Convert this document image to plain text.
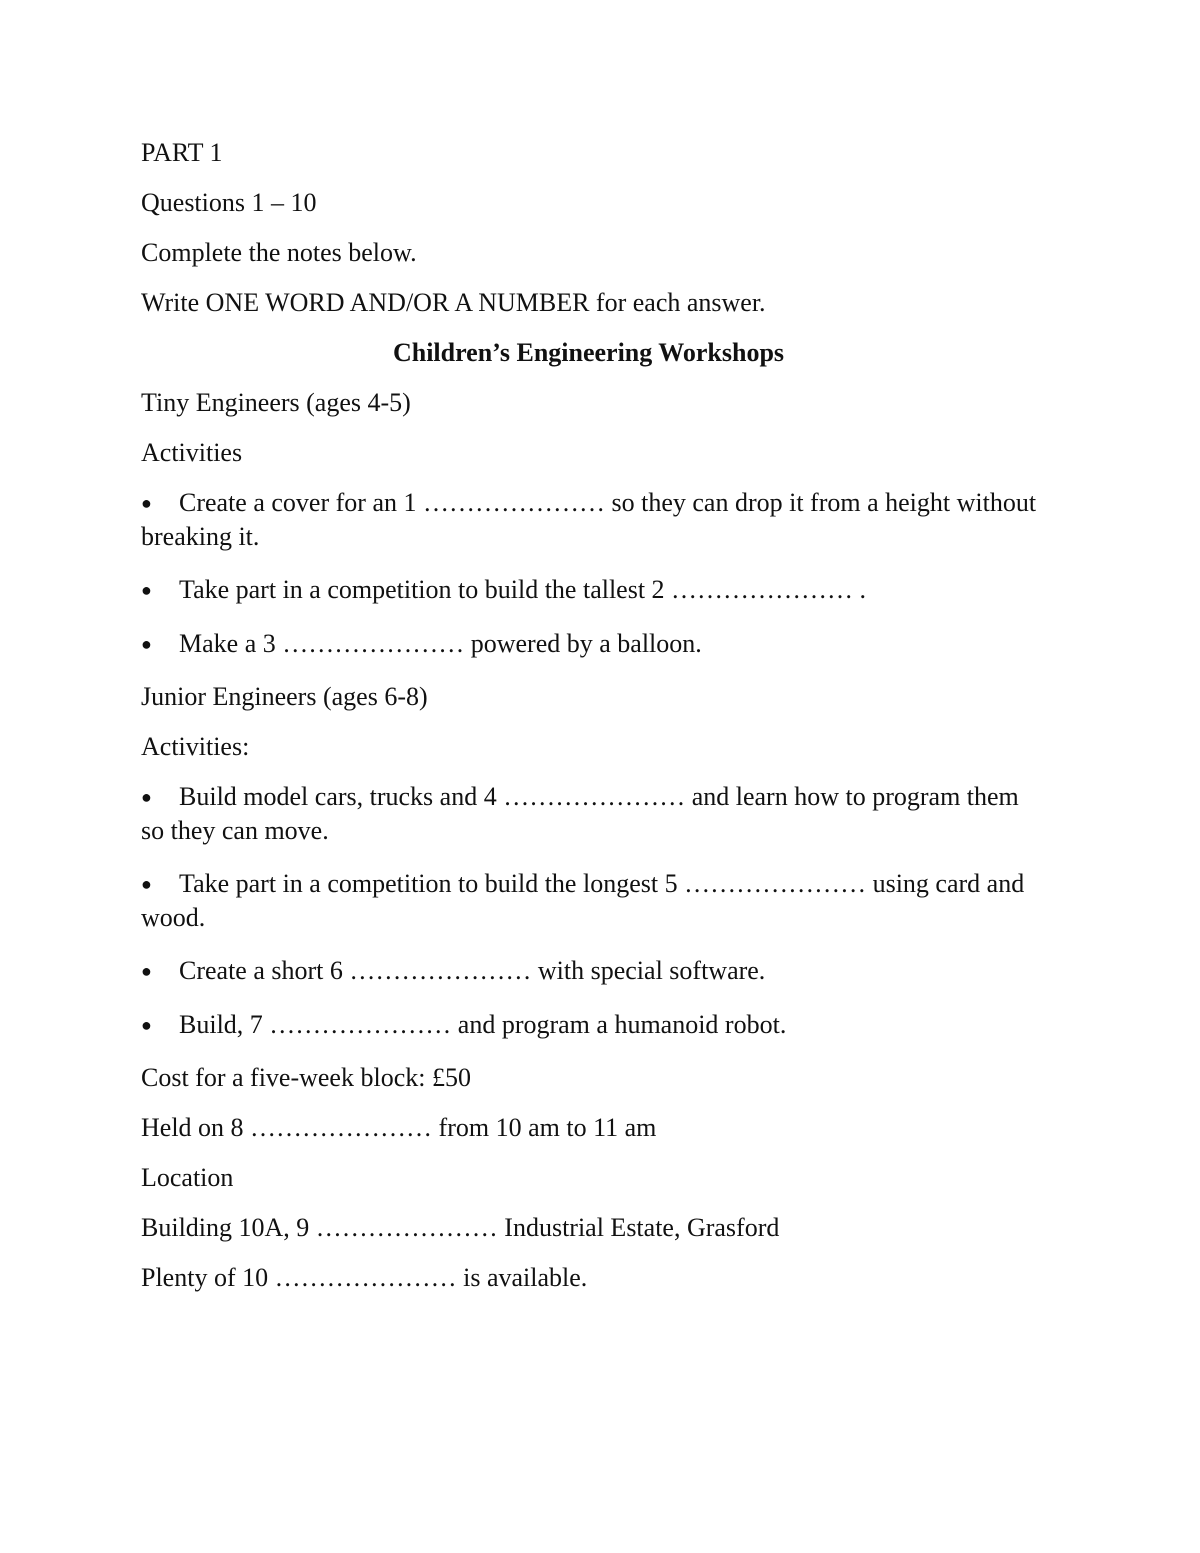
PART 1

Questions 1 – 10

Complete the notes below.

Write ONE WORD AND/OR A NUMBER for each answer.

Children’s Engineering Workshops

Tiny Engineers (ages 4-5)

Activities

● Create a cover for an 1 ………………… so they can drop it from a height without breaking it.
● Take part in a competition to build the tallest 2 ………………… .
● Make a 3 ………………… powered by a balloon.

Junior Engineers (ages 6-8)

Activities:

● Build model cars, trucks and 4 ………………… and learn how to program them so they can move.
● Take part in a competition to build the longest 5 ………………… using card and wood.
● Create a short 6 ………………… with special software.
● Build, 7 ………………… and program a humanoid robot.

Cost for a five-week block: £50

Held on 8 ………………… from 10 am to 11 am

Location

Building 10A, 9 ………………… Industrial Estate, Grasford

Plenty of 10 ………………… is available.
